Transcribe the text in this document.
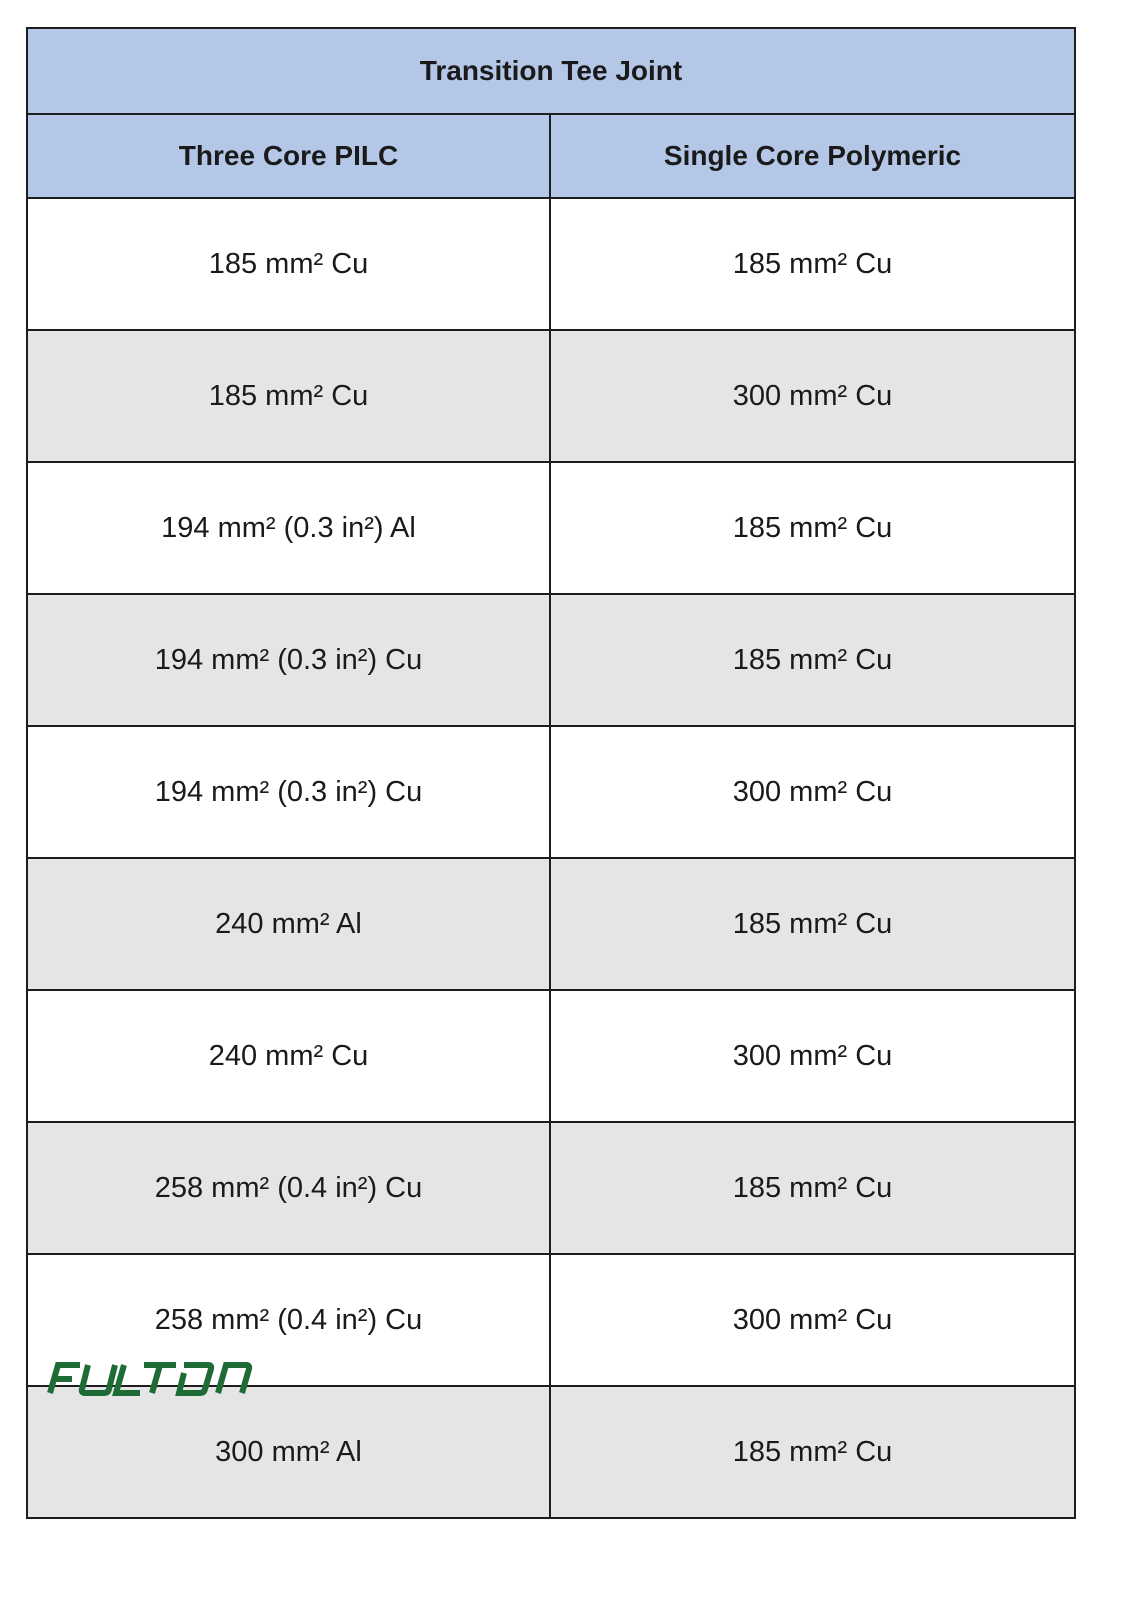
Transition Tee Joint	
Three Core PILC	Single Core Polymeric
185 mm² Cu	185 mm² Cu
185 mm² Cu	300 mm² Cu
194 mm² (0.3 in²) Al	185 mm² Cu
194 mm² (0.3 in²) Cu	185 mm² Cu
194 mm² (0.3 in²) Cu	300 mm² Cu
240 mm² Al	185 mm² Cu
240 mm² Cu	300 mm² Cu
258 mm² (0.4 in²) Cu	185 mm² Cu
258 mm² (0.4 in²) Cu	300 mm² Cu
300 mm² Al	185 mm² Cu
